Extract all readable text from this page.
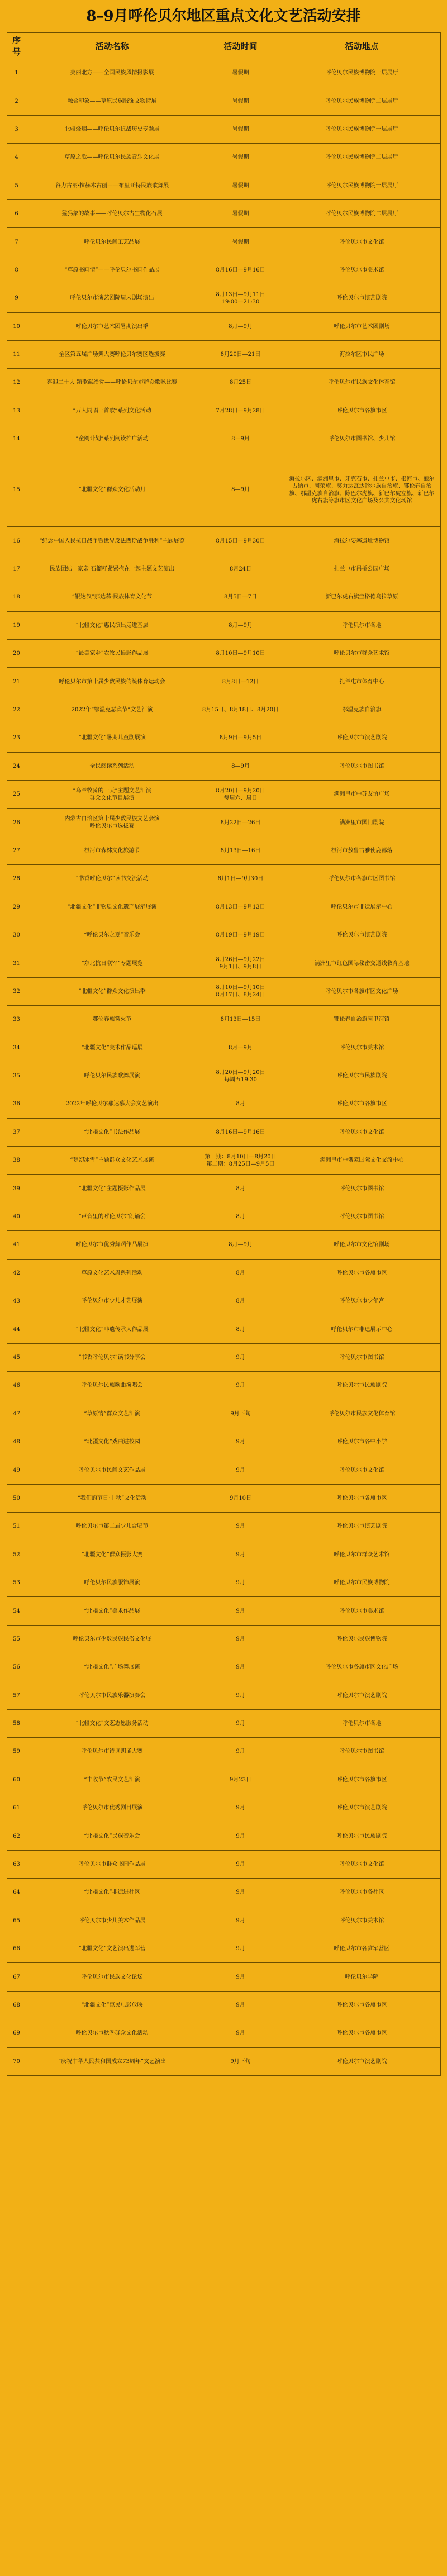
8–9月呼伦贝尔地区重点文化文艺活动安排
序号	活动名称	活动时间	活动地点
1	美丽北方——全国民族风情摄影展	暑假期	呼伦贝尔民族博物院一层展厅
2	融合印象——草原民族服饰文物特展	暑假期	呼伦贝尔民族博物院二层展厅
3	北疆烽烟——呼伦贝尔抗战历史专题展	暑假期	呼伦贝尔民族博物院一层展厅
4	草原之歌——呼伦贝尔民族音乐文化展	暑假期	呼伦贝尔民族博物院二层展厅
5	谷力古丽·拉赫木古丽——布里亚特民族歌舞展	暑假期	呼伦贝尔民族博物院一层展厅
6	猛犸象的故事——呼伦贝尔古生物化石展	暑假期	呼伦贝尔民族博物院二层展厅
7	呼伦贝尔民间工艺品展	暑假期	呼伦贝尔市文化馆
8	“草原书画情”——呼伦贝尔书画作品展	8月16日—9月16日	呼伦贝尔市美术馆
9	呼伦贝尔市演艺剧院周末剧场演出	8月13日—9月11日
19:00—21:30	呼伦贝尔市演艺剧院
10	呼伦贝尔市艺术团暑期演出季	8月—9月	呼伦贝尔市艺术团剧场
11	全区第五届广场舞大赛呼伦贝尔赛区选拔赛	8月20日—21日	海拉尔区市民广场
12	喜迎二十大 颂歌献给党——呼伦贝尔市群众歌咏比赛	8月25日	呼伦贝尔市民族文化体育馆
13	“万人同唱一首歌”系列文化活动	7月28日—9月28日	呼伦贝尔市各旗市区
14	“童阅计划”系列阅读推广活动	8—9月	呼伦贝尔市图书馆、少儿馆
15	“北疆文化”群众文化活动月	8—9月	海拉尔区、满洲里市、牙克石市、扎兰屯市、根河市、额尔古纳市、阿荣旗、莫力达瓦达斡尔族自治旗、鄂伦春自治旗、鄂温克族自治旗、陈巴尔虎旗、新巴尔虎左旗、新巴尔虎右旗等旗市区文化广场及公共文化场馆
16	“纪念中国人民抗日战争暨世界反法西斯战争胜利”主题展览	8月15日—9月30日	海拉尔要塞遗址博物馆
17	民族团结一家亲 石榴籽紧紧抱在一起主题文艺演出	8月24日	扎兰屯市吊桥公园广场
18	“银达汉”那达慕·民族体育文化节	8月5日—7日	新巴尔虎右旗宝格德乌拉草原
19	“北疆文化”惠民演出走进基层	8月—9月	呼伦贝尔市各地
20	“最美家乡”农牧民摄影作品展	8月10日—9月10日	呼伦贝尔市群众艺术馆
21	呼伦贝尔市第十届少数民族传统体育运动会	8月8日—12日	扎兰屯市体育中心
22	2022年“鄂温克瑟宾节”文艺汇演	8月15日、8月18日、8月20日	鄂温克族自治旗
23	“北疆文化”暑期儿童剧展演	8月9日—9月5日	呼伦贝尔市演艺剧院
24	全民阅读系列活动	8—9月	呼伦贝尔市图书馆
25	“乌兰牧骑的一天”主题文艺汇演
群众文化节目展演	8月20日—9月20日
每周六、周日	满洲里市中苏友谊广场
26	内蒙古自治区第十届少数民族文艺会演
呼伦贝尔市选拔赛	8月22日—26日	满洲里市国门剧院
27	根河市森林文化旅游节	8月13日—16日	根河市敖鲁古雅使鹿部落
28	“书香呼伦贝尔”读书交流活动	8月1日—9月30日	呼伦贝尔市各旗市区图书馆
29	“北疆文化”非物质文化遗产展示展演	8月13日—9月13日	呼伦贝尔市非遗展示中心
30	“呼伦贝尔之夏”音乐会	8月19日—9月19日	呼伦贝尔市演艺剧院
31	“东北抗日联军”专题展览	8月26日—9月22日
9月1日、9月8日	满洲里市红色国际秘密交通线教育基地
32	“北疆文化”群众文化演出季	8月10日—9月10日
8月17日、8月24日	呼伦贝尔市各旗市区文化广场
33	鄂伦春族篝火节	8月13日—15日	鄂伦春自治旗阿里河镇
34	“北疆文化”美术作品巡展	8月—9月	呼伦贝尔市美术馆
35	呼伦贝尔民族歌舞展演	8月20日—9月20日
每周五19:30	呼伦贝尔市民族剧院
36	2022年呼伦贝尔那达慕大会文艺演出	8月	呼伦贝尔市各旗市区
37	“北疆文化”书法作品展	8月16日—9月16日	呼伦贝尔市文化馆
38	“梦幻冰雪”主题群众文化艺术展演	第一期：8月10日—8月20日
第二期：8月25日—9月5日	满洲里市中俄蒙国际文化交流中心
39	“北疆文化”主题摄影作品展	8月	呼伦贝尔市图书馆
40	“声音里的呼伦贝尔”朗诵会	8月	呼伦贝尔市图书馆
41	呼伦贝尔市优秀舞蹈作品展演	8月—9月	呼伦贝尔市文化馆剧场
42	草原文化艺术周系列活动	8月	呼伦贝尔市各旗市区
43	呼伦贝尔市少儿才艺展演	8月	呼伦贝尔市少年宫
44	“北疆文化”非遗传承人作品展	8月	呼伦贝尔市非遗展示中心
45	“书香呼伦贝尔”读书分享会	9月	呼伦贝尔市图书馆
46	呼伦贝尔民族歌曲演唱会	9月	呼伦贝尔市民族剧院
47	“草原情”群众文艺汇演	9月下旬	呼伦贝尔市民族文化体育馆
48	“北疆文化”戏曲进校园	9月	呼伦贝尔市各中小学
49	呼伦贝尔市民间文艺作品展	9月	呼伦贝尔市文化馆
50	“我们的节日·中秋”文化活动	9月10日	呼伦贝尔市各旗市区
51	呼伦贝尔市第二届少儿合唱节	9月	呼伦贝尔市演艺剧院
52	“北疆文化”群众摄影大赛	9月	呼伦贝尔市群众艺术馆
53	呼伦贝尔民族服饰展演	9月	呼伦贝尔市民族博物院
54	“北疆文化”美术作品展	9月	呼伦贝尔市美术馆
55	呼伦贝尔市少数民族民俗文化展	9月	呼伦贝尔民族博物院
56	“北疆文化”广场舞展演	9月	呼伦贝尔市各旗市区文化广场
57	呼伦贝尔市民族乐器演奏会	9月	呼伦贝尔市演艺剧院
58	“北疆文化”文艺志愿服务活动	9月	呼伦贝尔市各地
59	呼伦贝尔市诗词朗诵大赛	9月	呼伦贝尔市图书馆
60	“丰收节”农民文艺汇演	9月23日	呼伦贝尔市各旗市区
61	呼伦贝尔市优秀剧目展演	9月	呼伦贝尔市演艺剧院
62	“北疆文化”民族音乐会	9月	呼伦贝尔市民族剧院
63	呼伦贝尔市群众书画作品展	9月	呼伦贝尔市文化馆
64	“北疆文化”非遗进社区	9月	呼伦贝尔市各社区
65	呼伦贝尔市少儿美术作品展	9月	呼伦贝尔市美术馆
66	“北疆文化”文艺演出进军营	9月	呼伦贝尔市各驻军营区
67	呼伦贝尔市民族文化论坛	9月	呼伦贝尔学院
68	“北疆文化”惠民电影放映	9月	呼伦贝尔市各旗市区
69	呼伦贝尔市秋季群众文化活动	9月	呼伦贝尔市各旗市区
70	“庆祝中华人民共和国成立73周年”文艺演出	9月下旬	呼伦贝尔市演艺剧院
